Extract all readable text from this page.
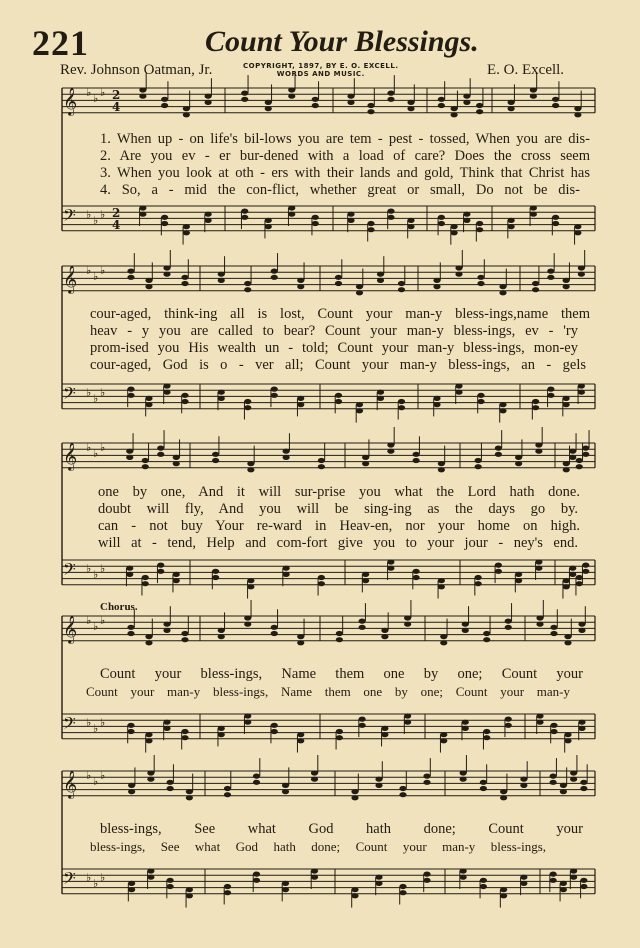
221	Count Your Blessings.
Rev. Johnson Oatman, Jr.	COPYRIGHT, 1897, BY E. O. EXCELL.
WORDS AND MUSIC.	E. O. Excell.
𝄞 ♭ ♭ ♭ 2
4
𝄢 ♭ ♭ ♭ 2
4
𝄞 ♭ ♭ ♭
𝄢 ♭ ♭ ♭
𝄞 ♭ ♭ ♭
𝄢 ♭ ♭ ♭
𝄞 ♭ ♭ ♭
𝄢 ♭ ♭ ♭
𝄞 ♭ ♭ ♭
𝄢 ♭ ♭ ♭
1. When up - on life's bil-lows you are tem - pest - tossed, When you are dis-
2. Are you ev - er bur-dened with a load of care? Does the cross seem
3. When you look at oth - ers with their lands and gold, Think that Christ has
4. So, a - mid the con-flict, whether great or small, Do not be dis-
cour-aged, think-ing all is lost, Count your man-y bless-ings,name them
heav - y you are called to bear? Count your man-y bless-ings, ev - 'ry
prom-ised you His wealth un - told; Count your man-y bless-ings, mon-ey
cour-aged, God is o - ver all; Count your man-y bless-ings, an - gels
one by one, And it will sur-prise you what the Lord hath done.
doubt will fly, And you will be sing-ing as the days go by.
can - not buy Your re-ward in Heav-en, nor your home on high.
will at - tend, Help and com-fort give you to your jour - ney's end.
Chorus.
Count your bless-ings, Name them one by one; Count your
Count your man-y bless-ings, Name them one by one; Count your man-y
bless-ings, See what God hath done; Count your
bless-ings, See what God hath done; Count your man-y bless-ings,
